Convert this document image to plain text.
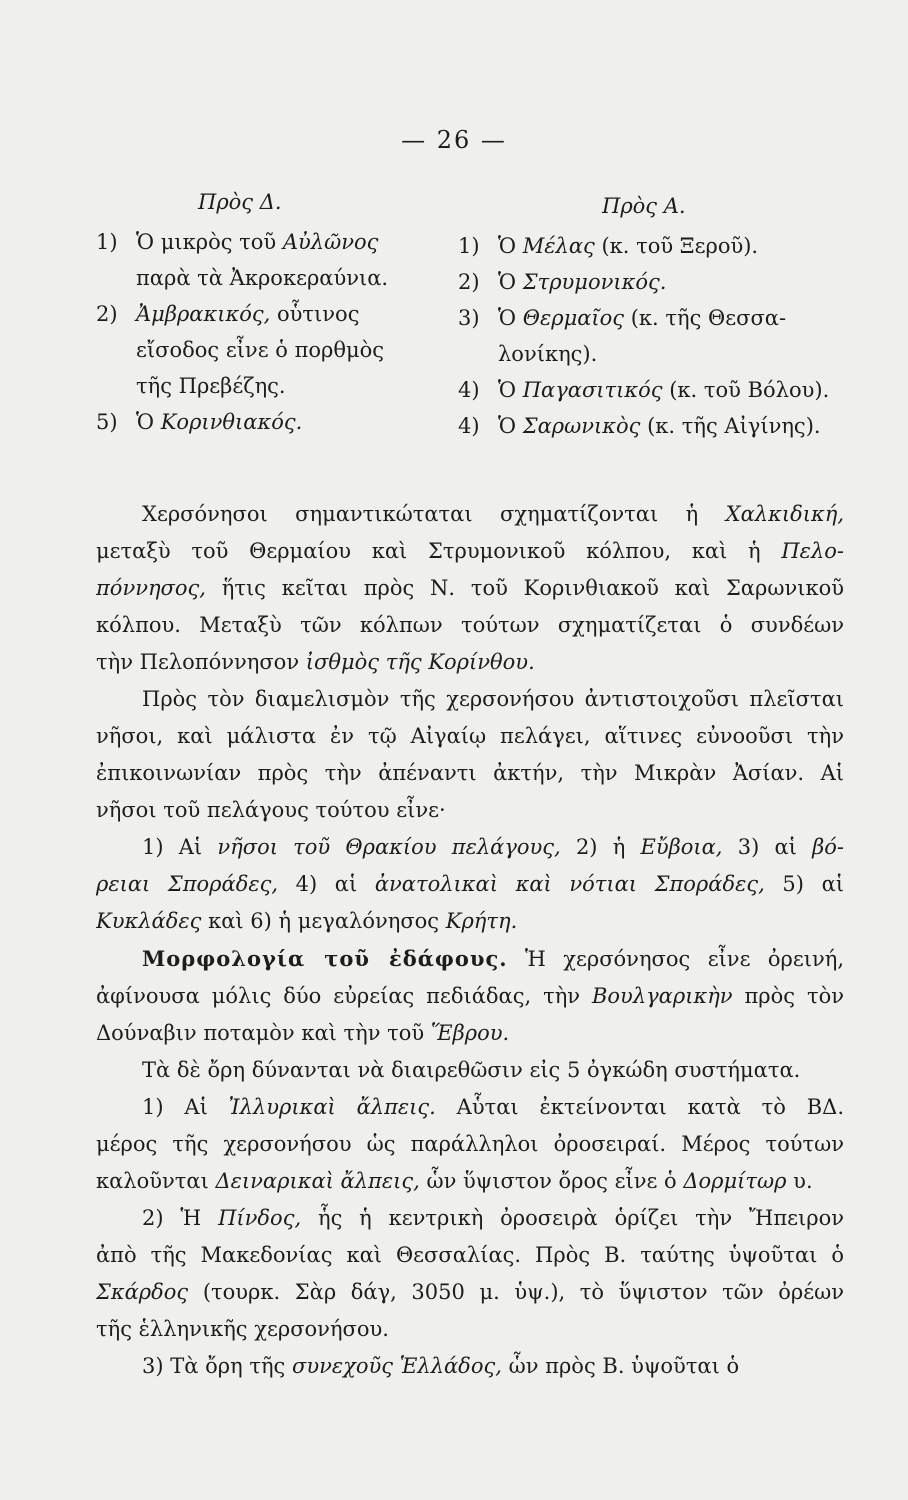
— 26 —
Πρὸς Δ.
1) Ὁ μικρὸς τοῦ Αὐλῶνος
παρὰ τὰ Ἀκροκεραύνια.
2) Ἀμβρακικός, οὗτινος
εἴσοδος εἶνε ὁ πορθμὸς
τῆς Πρεβέζης.
5) Ὁ Κορινθιακός.
Πρὸς Α.
1) Ὁ Μέλας (κ. τοῦ Ξεροῦ).
2) Ὁ Στρυμονικός.
3) Ὁ Θερμαῖος (κ. τῆς Θεσσα-
λονίκης).
4) Ὁ Παγασιτικός (κ. τοῦ Βόλου).
4) Ὁ Σαρωνικὸς (κ. τῆς Αἰγίνης).
Χερσόνησοι σημαντικώταται σχηματίζονται ἡ Χαλκιδική,
μεταξὺ τοῦ Θερμαίου καὶ Στρυμονικοῦ κόλπου, καὶ ἡ Πελο-
πόννησος, ἥτις κεῖται πρὸς Ν. τοῦ Κορινθιακοῦ καὶ Σαρωνικοῦ
κόλπου. Μεταξὺ τῶν κόλπων τούτων σχηματίζεται ὁ συνδέων
τὴν Πελοπόννησον ἰσθμὸς τῆς Κορίνθου.
Πρὸς τὸν διαμελισμὸν τῆς χερσονήσου ἀντιστοιχοῦσι πλεῖσται
νῆσοι, καὶ μάλιστα ἐν τῷ Αἰγαίῳ πελάγει, αἵτινες εὐνοοῦσι τὴν
ἐπικοινωνίαν πρὸς τὴν ἀπέναντι ἀκτήν, τὴν Μικρὰν Ἀσίαν. Αἱ
νῆσοι τοῦ πελάγους τούτου εἶνε·
1) Αἱ νῆσοι τοῦ Θρακίου πελάγους, 2) ἡ Εὔβοια, 3) αἱ βό-
ρειαι Σποράδες, 4) αἱ ἀνατολικαὶ καὶ νότιαι Σποράδες, 5) αἱ
Κυκλάδες καὶ 6) ἡ μεγαλόνησος Κρήτη.
Μορφολογία τοῦ ἐδάφους. Ἡ χερσόνησος εἶνε ὀρεινή,
ἀφίνουσα μόλις δύο εὐρείας πεδιάδας, τὴν Βουλγαρικὴν πρὸς τὸν
Δούναβιν ποταμὸν καὶ τὴν τοῦ Ἕβρου.
Τὰ δὲ ὄρη δύνανται νὰ διαιρεθῶσιν εἰς 5 ὀγκώδη συστήματα.
1) Αἱ Ἰλλυρικαὶ ἄλπεις. Αὗται ἐκτείνονται κατὰ τὸ ΒΔ.
μέρος τῆς χερσονήσου ὡς παράλληλοι ὀροσειραί. Μέρος τούτων
καλοῦνται Δειναρικαὶ ἄλπεις, ὧν ὕψιστον ὄρος εἶνε ὁ Δορμίτωρ υ.
2) Ἡ Πίνδος, ἧς ἡ κεντρικὴ ὀροσειρὰ ὁρίζει τὴν Ἤπειρον
ἀπὸ τῆς Μακεδονίας καὶ Θεσσαλίας. Πρὸς Β. ταύτης ὑψοῦται ὁ
Σκάρδος (τουρκ. Σὰρ δάγ, 3050 μ. ὑψ.), τὸ ὕψιστον τῶν ὀρέων
τῆς ἑλληνικῆς χερσονήσου.
3) Τὰ ὄρη τῆς συνεχοῦς Ἑλλάδος, ὧν πρὸς Β. ὑψοῦται ὁ
